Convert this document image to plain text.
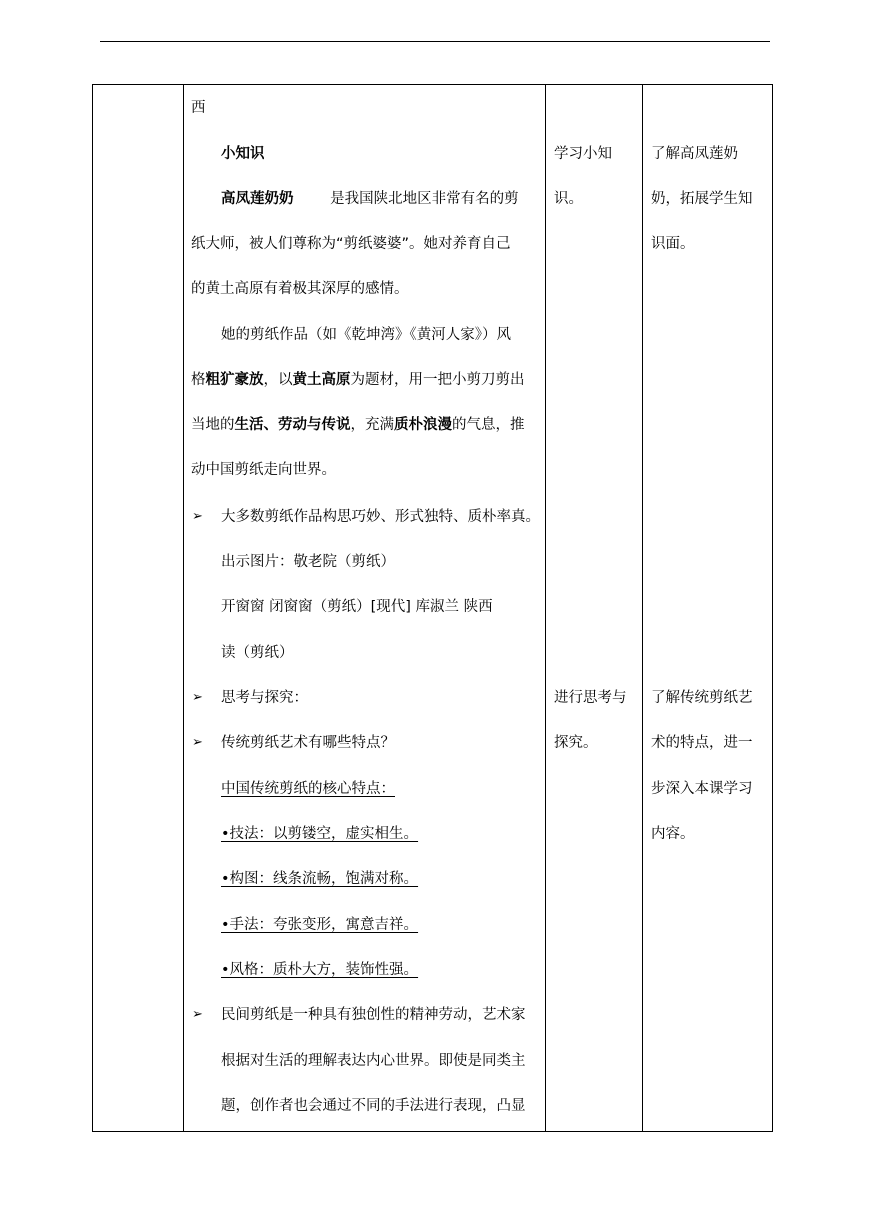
西
小知识
高凤莲奶奶	是我国陕北地区非常有名的剪
纸大师，被人们尊称为“剪纸婆婆”。她对养育自己
的黄土高原有着极其深厚的感情。
她的剪纸作品（如《乾坤湾》《黄河人家》）风
格粗犷豪放，以黄土高原为题材，用一把小剪刀剪出
当地的生活、劳动与传说，充满质朴浪漫的气息，推
动中国剪纸走向世界。
➢ 大多数剪纸作品构思巧妙、形式独特、质朴率真。
出示图片：敬老院（剪纸）
开窗窗 闭窗窗（剪纸）[现代] 库淑兰 陕西
读（剪纸）
➢ 思考与探究：
➢ 传统剪纸艺术有哪些特点？
中国传统剪纸的核心特点：
•技法：以剪镂空，虚实相生。
•构图：线条流畅，饱满对称。
•手法：夸张变形，寓意吉祥。
•风格：质朴大方，装饰性强。
➢ 民间剪纸是一种具有独创性的精神劳动，艺术家
根据对生活的理解表达内心世界。即使是同类主
题，创作者也会通过不同的手法进行表现，凸显
学习小知
识。
进行思考与
探究。
了解高凤莲奶
奶，拓展学生知
识面。
了解传统剪纸艺
术的特点，进一
步深入本课学习
内容。
